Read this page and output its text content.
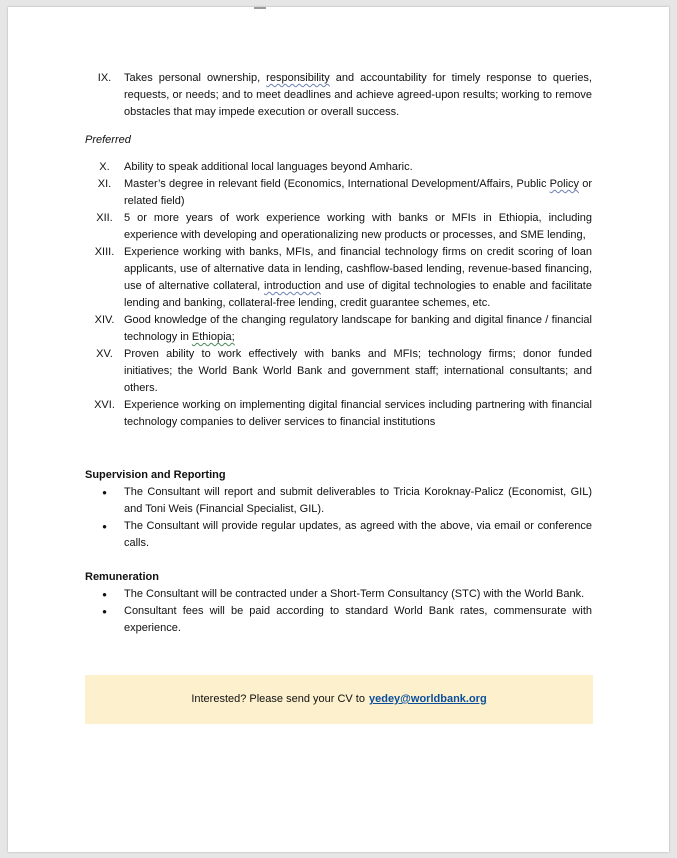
IX.	Takes personal ownership, responsibility and accountability for timely response to queries, requests, or needs; and to meet deadlines and achieve agreed-upon results; working to remove obstacles that may impede execution or overall success.
Preferred
X.	Ability to speak additional local languages beyond Amharic.
XI.	Master’s degree in relevant field (Economics, International Development/Affairs, Public Policy or related field)
XII.	5 or more years of work experience working with banks or MFIs in Ethiopia, including experience with developing and operationalizing new products or processes, and SME lending,
XIII. Experience working with banks, MFIs, and financial technology firms on credit scoring of loan applicants, use of alternative data in lending, cashflow-based lending, revenue-based financing, use of alternative collateral, introduction and use of digital technologies to enable and facilitate lending and banking, collateral-free lending, credit guarantee schemes, etc.
XIV. Good knowledge of the changing regulatory landscape for banking and digital finance / financial technology in Ethiopia;
XV.	Proven ability to work effectively with banks and MFIs; technology firms; donor funded initiatives; the World Bank World Bank and government staff; international consultants; and others.
XVI. Experience working on implementing digital financial services including partnering with financial technology companies to deliver services to financial institutions
Supervision and Reporting
•	The Consultant will report and submit deliverables to Tricia Koroknay-Palicz (Economist, GIL) and Toni Weis (Financial Specialist, GIL).
•	The Consultant will provide regular updates, as agreed with the above, via email or conference calls.
Remuneration
•	The Consultant will be contracted under a Short-Term Consultancy (STC) with the World Bank.
•	Consultant fees will be paid according to standard World Bank rates, commensurate with experience.
Interested? Please send your CV to yedey@worldbank.org
